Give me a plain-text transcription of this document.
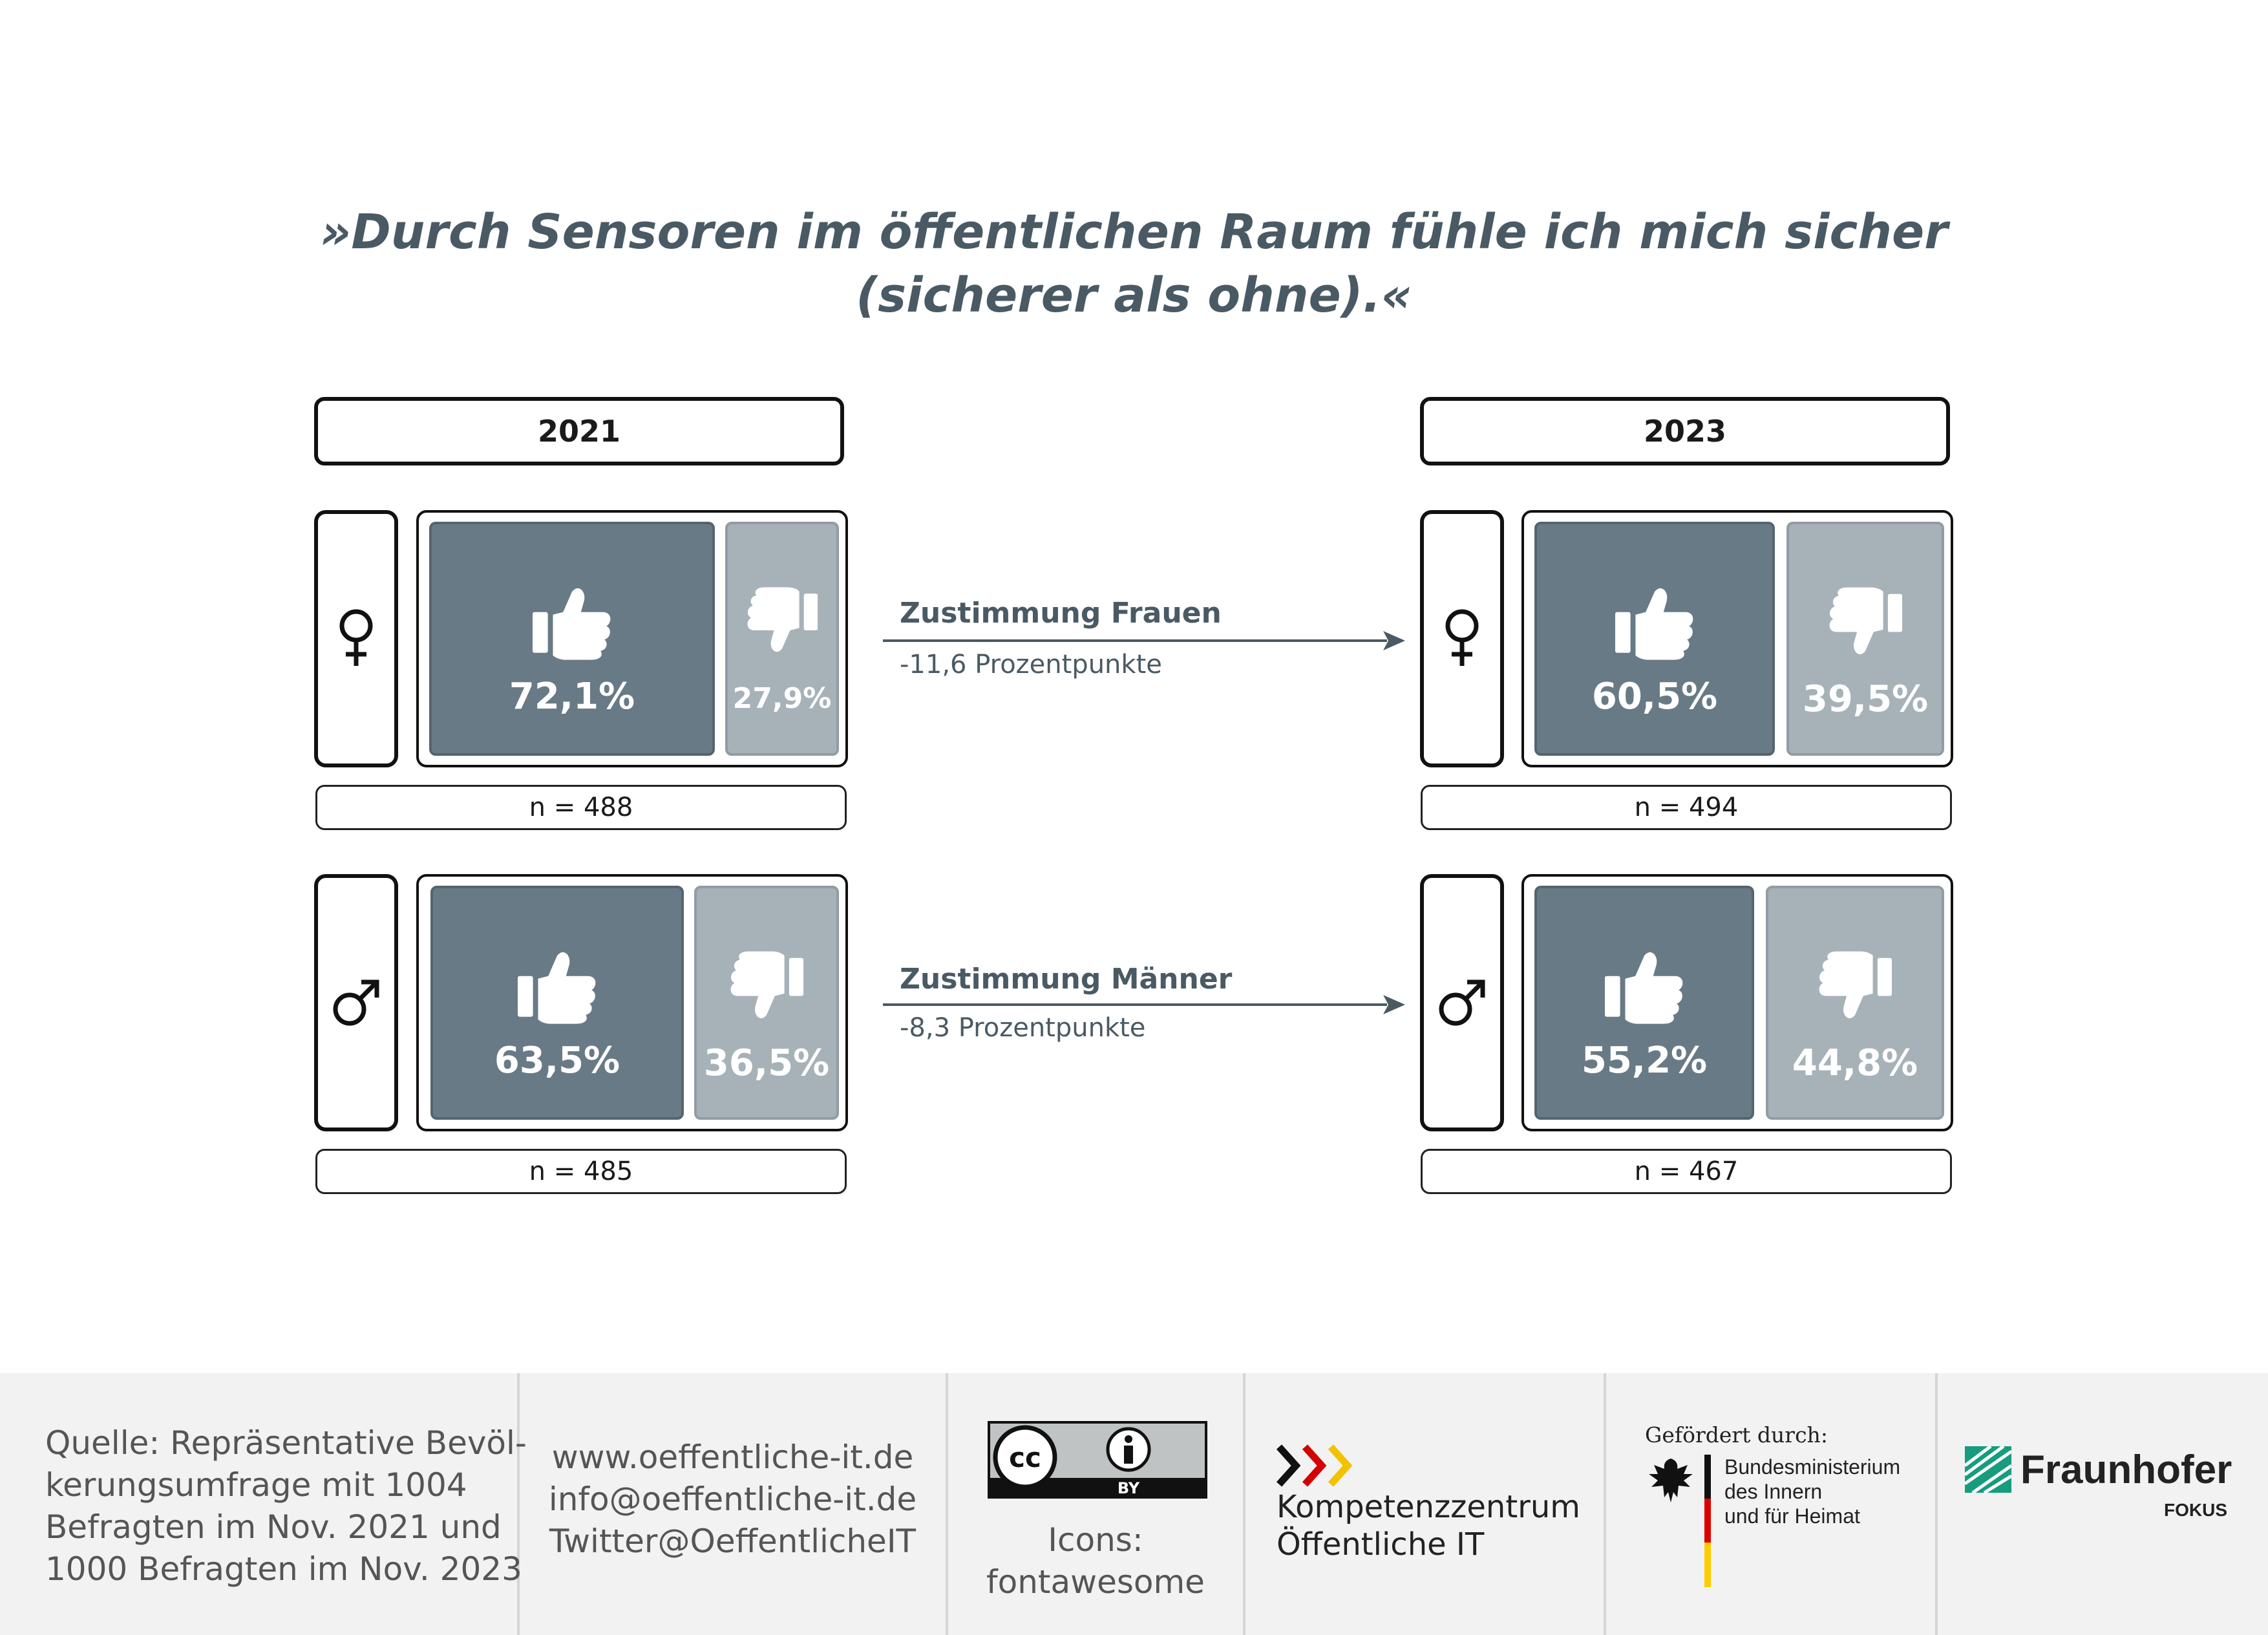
»Durch Sensoren im öffentlichen Raum fühle ich mich sicher
(sicherer als ohne).«
2021	2023
72,1%	27,9%
n = 488
Zustimmung Frauen
-11,6 Prozentpunkte
60,5%	39,5%
n = 494
63,5%	36,5%
n = 485
Zustimmung Männer
-8,3 Prozentpunkte
55,2%	44,8%
n = 467
Quelle: Repräsentative Bevöl-
kerungsumfrage mit 1004
Befragten im Nov. 2021 und
1000 Befragten im Nov. 2023
www.oeffentliche-it.de
info@oeffentliche-it.de
Twitter@OeffentlicheIT
cc
BY
Icons:
fontawesome
Kompetenzzentrum
Öffentliche IT
Gefördert durch:
Bundesministerium
des Innern
und für Heimat
Fraunhofer
FOKUS
